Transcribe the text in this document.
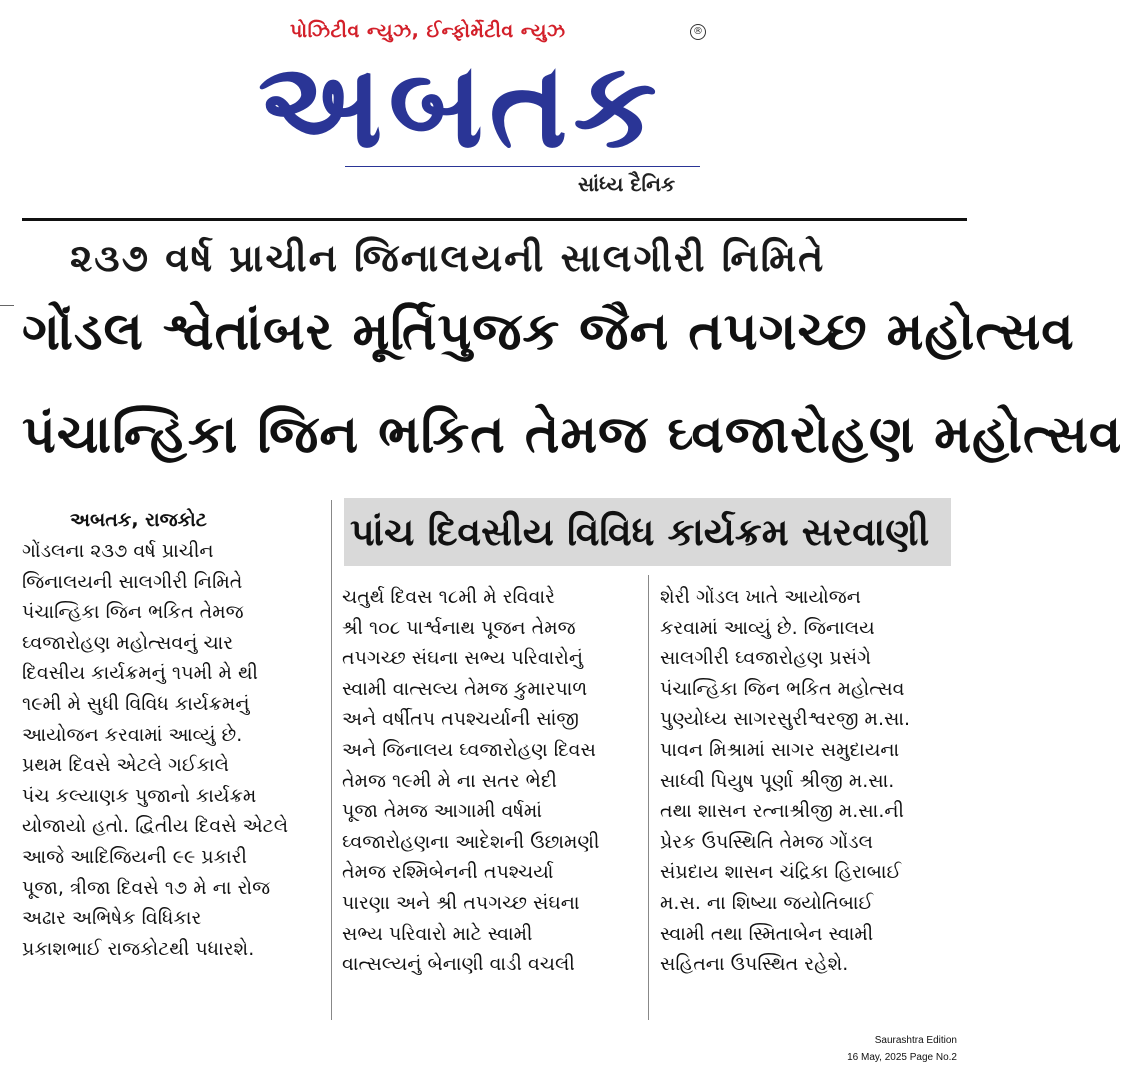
પોઝિટીવ ન્યુઝ, ઈન્ફોર્મેટીવ ન્યુઝ
અબતક
®
સાંધ્ય દૈનિક
૨૩૭ વર્ષ પ્રાચીન જિનાલયની સાલગીરી નિમિતે
ગોંડલ શ્વેતાંબર મૂર્તિપુજક જૈન તપગચ્છ મહોત્સવ
પંચાન્હિકા જિન ભકિત તેમજ ઘ્વજારોહણ મહોત્સવ
પાંચ દિવસીય વિવિધ કાર્યક્રમ સરવાણી
અબતક, રાજકોટ

ગોંડલના ૨૩૭ વર્ષ પ્રાચીન

જિનાલયની સાલગીરી નિમિતે

પંચાન્હિકા જિન ભકિત તેમજ

ઘ્વજારોહણ મહોત્સવનું ચાર

દિવસીય કાર્યક્રમનું ૧૫મી મે થી

૧૯મી મે સુધી વિવિધ કાર્યક્રમનું

આયોજન કરવામાં આવ્યું છે.

પ્રથમ દિવસે એટલે ગઈકાલે

પંચ કલ્યાણક પુજાનો કાર્યક્રમ

યોજાયો હતો. દ્વિતીય દિવસે એટલે

આજે આદિજિયની ૯૯ પ્રકારી

પૂજા, ત્રીજા દિવસે ૧૭ મે ના રોજ

અઢાર અભિષેક વિધિકાર

પ્રકાશભાઈ રાજકોટથી પધારશે.

ચતુર્થ દિવસ ૧૮મી મે રવિવારે

શ્રી ૧૦૮ પાર્શ્વનાથ પૂજન તેમજ

તપગચ્છ સંઘના સભ્ય પરિવારોનું

સ્વામી વાત્સલ્ય તેમજ કુમારપાળ

અને વર્ષીતપ તપશ્ચર્યાની સાંજી

અને જિનાલય ઘ્વજારોહણ દિવસ

તેમજ ૧૯મી મે ના સતર ભેદી

પૂજા તેમજ આગામી વર્ષમાં

ઘ્વજારોહણના આદેશની ઉછામણી

તેમજ રશ્મિબેનની તપશ્ચર્યા

પારણા અને શ્રી તપગચ્છ સંઘના

સભ્ય પરિવારો માટે સ્વામી

વાત્સલ્યનું બેનાણી વાડી વચલી

શેરી ગોંડલ ખાતે આયોજન

કરવામાં આવ્યું છે. જિનાલય

સાલગીરી ઘ્વજારોહણ પ્રસંગે

પંચાન્હિકા જિન ભકિત મહોત્સવ

પુણ્યોધ્ય સાગરસુરીશ્વરજી મ.સા.

પાવન મિશ્રામાં સાગર સમુદાયના

સાધ્વી પિયુષ પૂર્ણા શ્રીજી મ.સા.

તથા શાસન રત્નાશ્રીજી મ.સા.ની

પ્રેરક ઉપસ્થિતિ તેમજ ગોંડલ

સંપ્રદાય શાસન ચંદ્રિકા હિરાબાઈ

મ.સ. ના શિષ્યા જયોતિબાઈ

સ્વામી તથા સ્મિતાબેન સ્વામી

સહિતના ઉપસ્થિત રહેશે.

Saurashtra Edition
16 May, 2025 Page No.2
